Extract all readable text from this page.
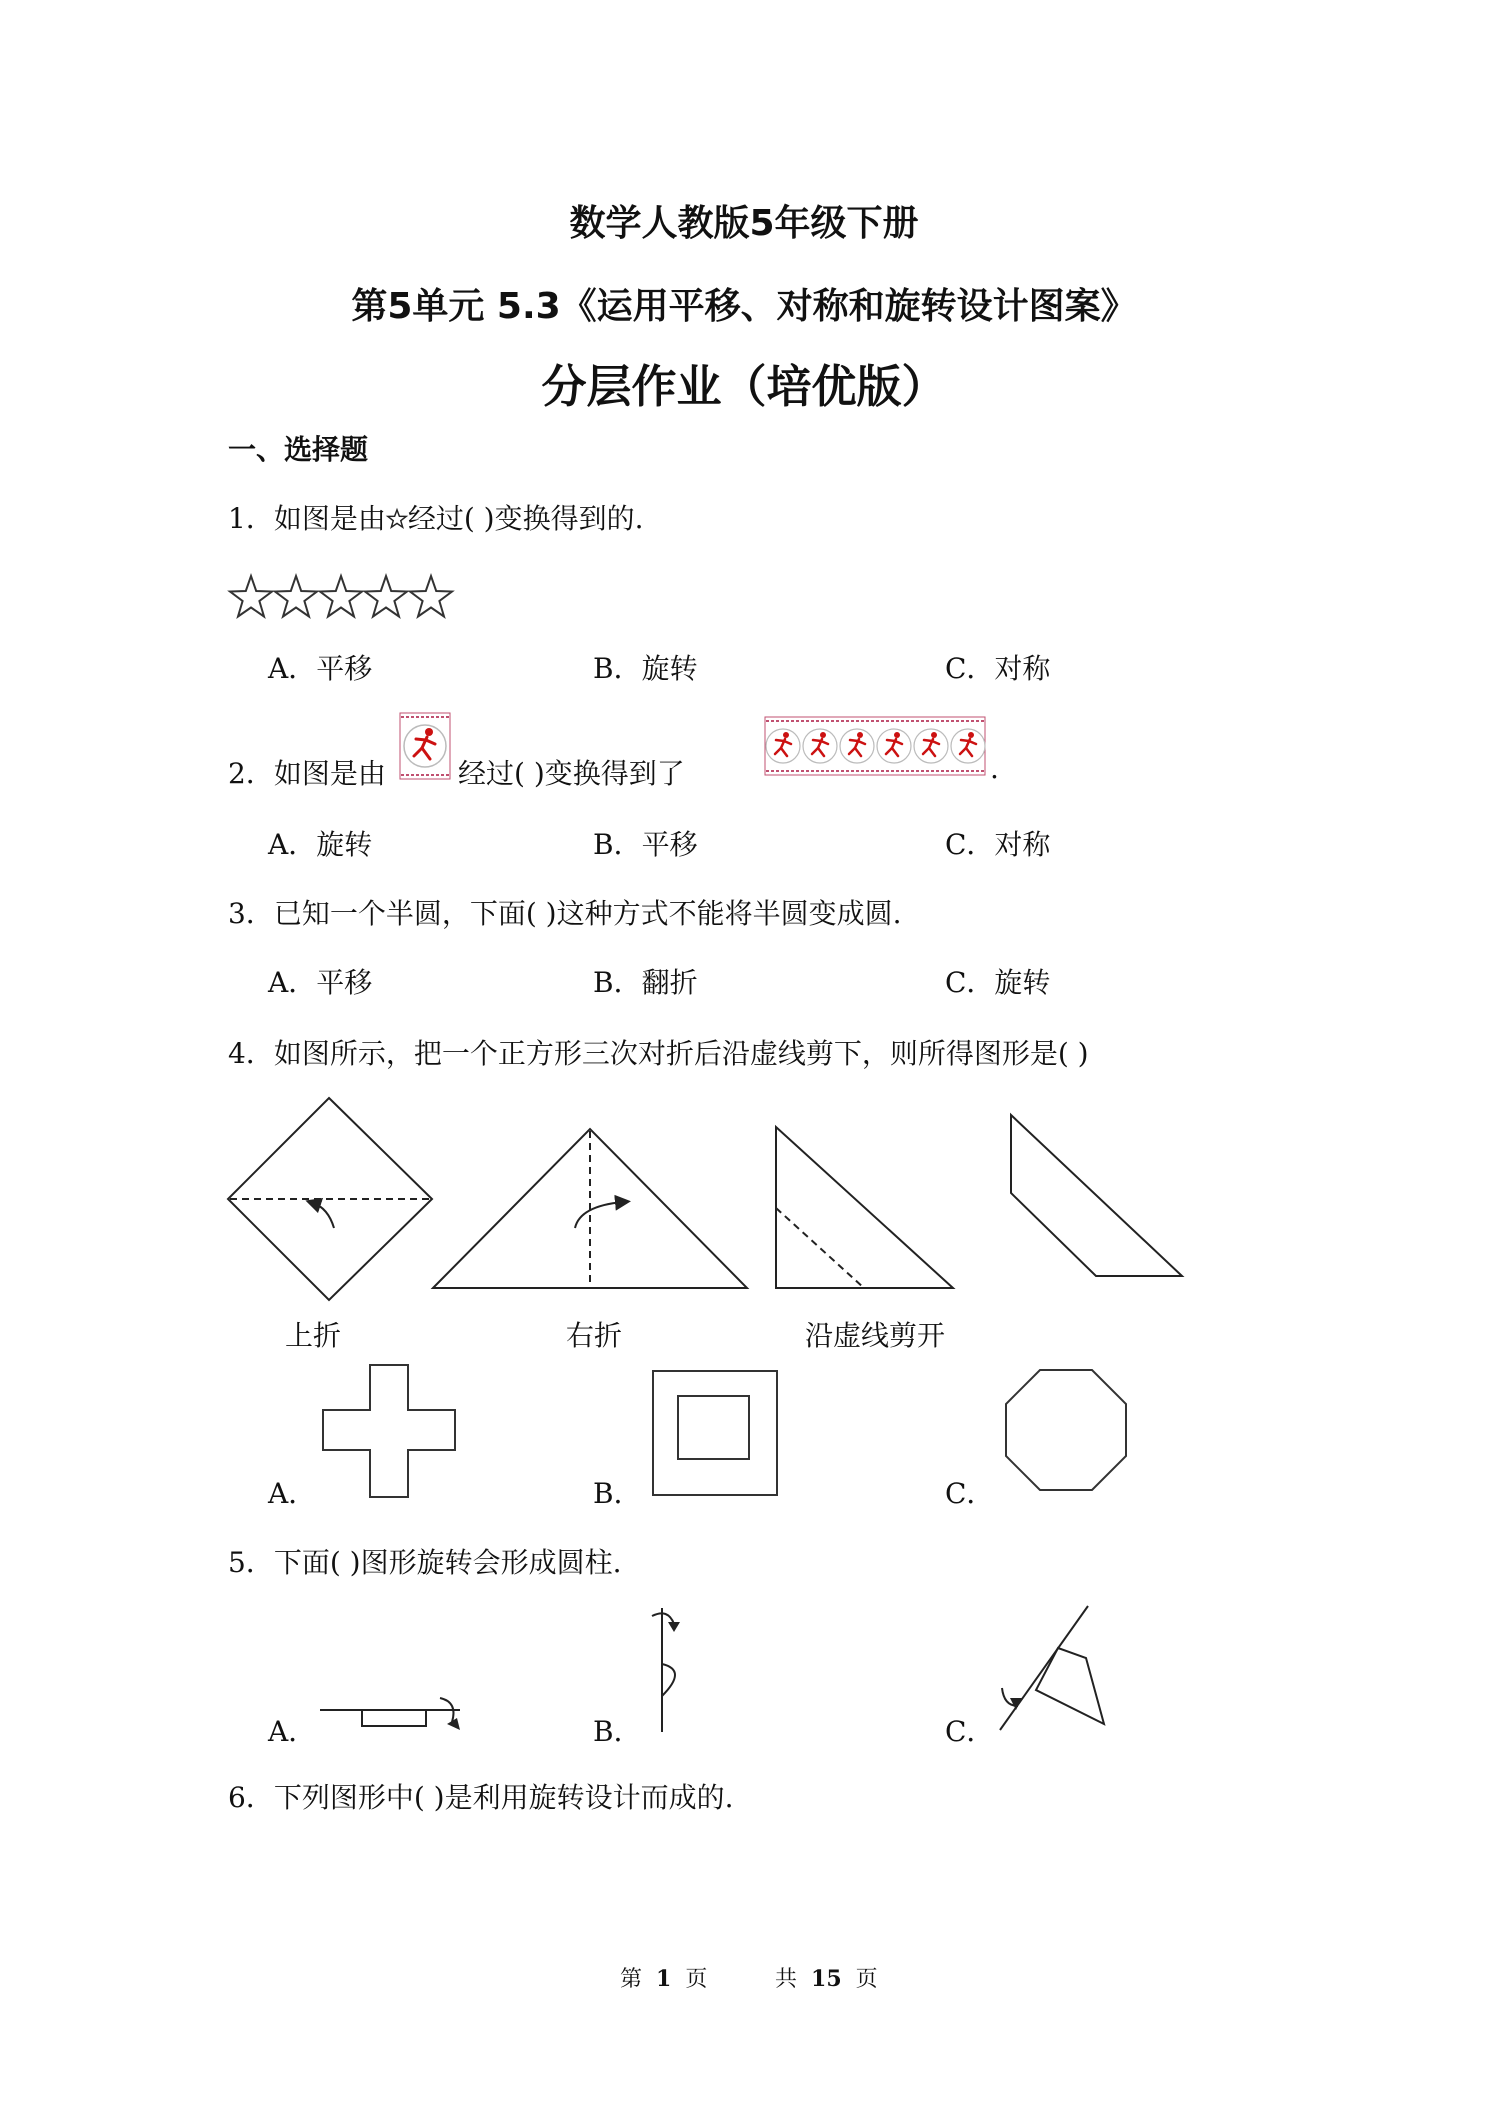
数学人教版5年级下册
第5单元 5.3《运用平移、对称和旋转设计图案》
分层作业（培优版）
一、选择题
1．如图是由 经过( )变换得到的.
A．平移	B．旋转	C．对称
2．如图是由	经过( )变换得到了	.
A．旋转	B．平移	C．对称
3．已知一个半圆，下面( )这种方式不能将半圆变成圆.
A．平移	B．翻折	C．旋转
4．如图所示，把一个正方形三次对折后沿虚线剪下，则所得图形是( )
上折	右折	沿虚线剪开
A．	B．	C．
5．下面( )图形旋转会形成圆柱.
A．	B．	C．
6．下列图形中( )是利用旋转设计而成的.
第 1 页	共 15 页
